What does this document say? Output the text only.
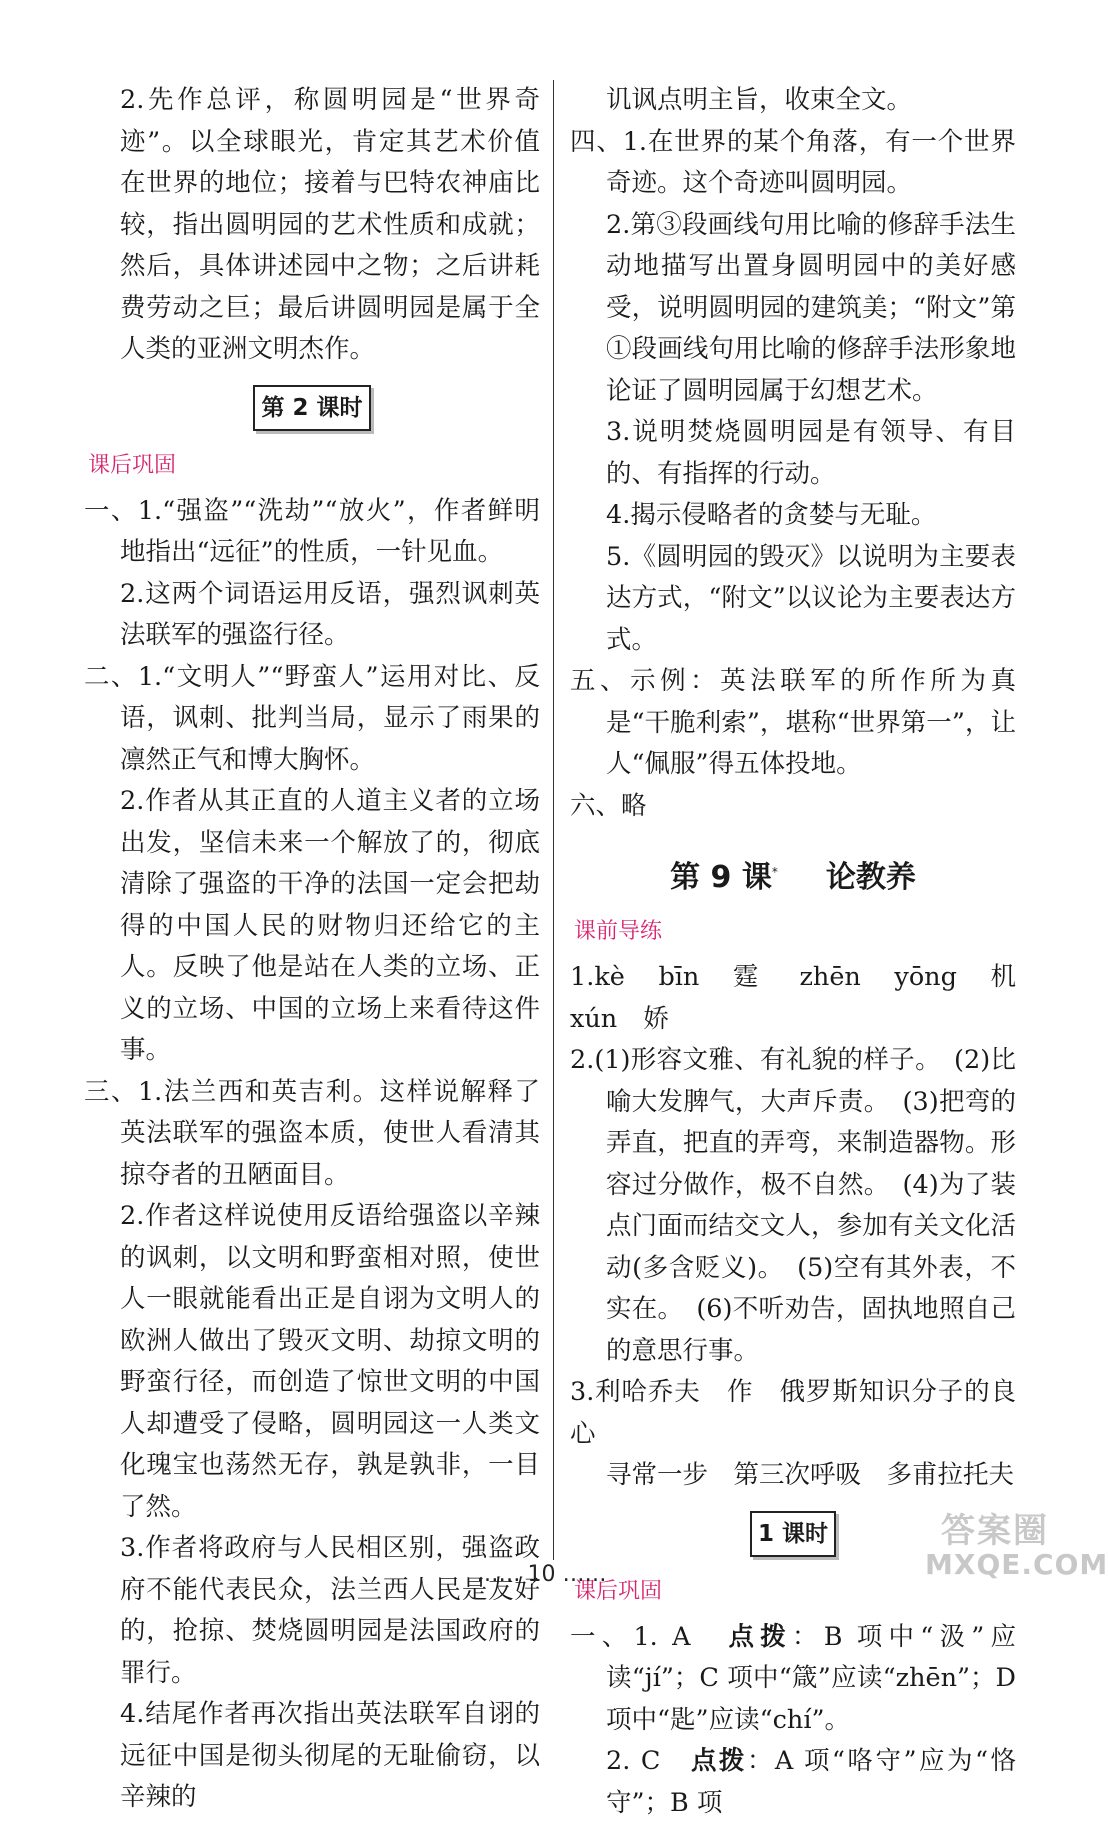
2.先作总评，称圆明园是“世界奇迹”。以全球眼光，肯定其艺术价值在世界的地位；接着与巴特农神庙比较，指出圆明园的艺术性质和成就；然后，具体讲述园中之物；之后讲耗费劳动之巨；最后讲圆明园是属于全人类的亚洲文明杰作。

第 2 课时
课后巩固

一、1.“强盗”“洗劫”“放火”，作者鲜明地指出“远征”的性质，一针见血。

2.这两个词语运用反语，强烈讽刺英法联军的强盗行径。

二、1.“文明人”“野蛮人”运用对比、反语，讽刺、批判当局，显示了雨果的凛然正气和博大胸怀。

2.作者从其正直的人道主义者的立场出发，坚信未来一个解放了的，彻底清除了强盗的干净的法国一定会把劫得的中国人民的财物归还给它的主人。反映了他是站在人类的立场、正义的立场、中国的立场上来看待这件事。

三、1.法兰西和英吉利。这样说解释了英法联军的强盗本质，使世人看清其掠夺者的丑陋面目。

2.作者这样说使用反语给强盗以辛辣的讽刺，以文明和野蛮相对照，使世人一眼就能看出正是自诩为文明人的欧洲人做出了毁灭文明、劫掠文明的野蛮行径，而创造了惊世文明的中国人却遭受了侵略，圆明园这一人类文化瑰宝也荡然无存，孰是孰非，一目了然。

3.作者将政府与人民相区别，强盗政府不能代表民众，法兰西人民是友好的，抢掠、焚烧圆明园是法国政府的罪行。

4.结尾作者再次指出英法联军自诩的远征中国是彻头彻尾的无耻偷窃，以辛辣的

讥讽点明主旨，收束全文。

四、1.在世界的某个角落，有一个世界奇迹。这个奇迹叫圆明园。

2.第③段画线句用比喻的修辞手法生动地描写出置身圆明园中的美好感受，说明圆明园的建筑美；“附文”第①段画线句用比喻的修辞手法形象地论证了圆明园属于幻想艺术。

3.说明焚烧圆明园是有领导、有目的、有指挥的行动。

4.揭示侵略者的贪婪与无耻。

5.《圆明园的毁灭》以说明为主要表达方式，“附文”以议论为主要表达方式。

五、示例：英法联军的所作所为真是“干脆利索”，堪称“世界第一”，让人“佩服”得五体投地。

六、略

第 9 课* 论教养
课前导练

1.kè bīn 霆 zhēn yōng 机 xún 娇

2.(1)形容文雅、有礼貌的样子。　(2)比喻大发脾气，大声斥责。　(3)把弯的弄直，把直的弄弯，来制造器物。形容过分做作，极不自然。　(4)为了装点门面而结交文人，参加有关文化活动(多含贬义)。　(5)空有其外表，不实在。　(6)不听劝告，固执地照自己的意思行事。

3.利哈乔夫　作　俄罗斯知识分子的良心

寻常一步　第三次呼吸　多甫拉托夫

1 课时
课后巩固

一、1. A　点拨：B 项中“汲”应读“jí”；C 项中“箴”应读“zhēn”；D 项中“匙”应读“chí”。

2. C　点拨：A 项“咯守”应为“恪守”；B 项

…… 10 ……
答案圈
MXQE.COM
